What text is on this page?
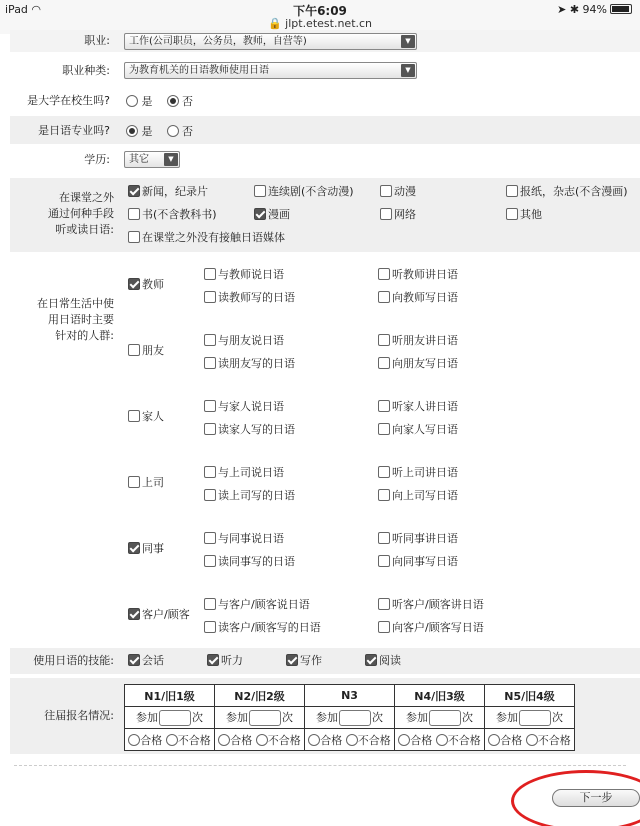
iPad ◠	下午6:09
🔒 jlpt.etest.net.cn
➤ ✱ 94%
职业:	工作(公司职员，公务员，教师，自营等)	▼
职业种类:	为教育机关的日语教师使用日语	▼
是大学在校生吗?	是	否
是日语专业吗?	是	否
学历:	其它	▼
在课堂之外
通过何种手段
听或读日语:
新闻，纪录片	连续剧(不含动漫)	动漫	报纸，杂志(不含漫画)
书(不含教科书)	漫画	网络	其他
在课堂之外没有接触日语媒体
在日常生活中使
用日语时主要
针对的人群:
教师
与教师说日语	听教师讲日语
读教师写的日语	向教师写日语
朋友
与朋友说日语	听朋友讲日语
读朋友写的日语	向朋友写日语
家人
与家人说日语	听家人讲日语
读家人写的日语	向家人写日语
上司
与上司说日语	听上司讲日语
读上司写的日语	向上司写日语
同事
与同事说日语	听同事讲日语
读同事写的日语	向同事写日语
客户/顾客
与客户/顾客说日语	听客户/顾客讲日语
读客户/顾客写的日语	向客户/顾客写日语
使用日语的技能:	会话	听力	写作	阅读
往届报名情况:
N1/旧1级	N2/旧2级	N3	N4/旧3级	N5/旧4级
参加 次	参加 次	参加 次	参加 次	参加 次
合格 不合格	合格 不合格	合格 不合格	合格 不合格	合格 不合格
下一步
